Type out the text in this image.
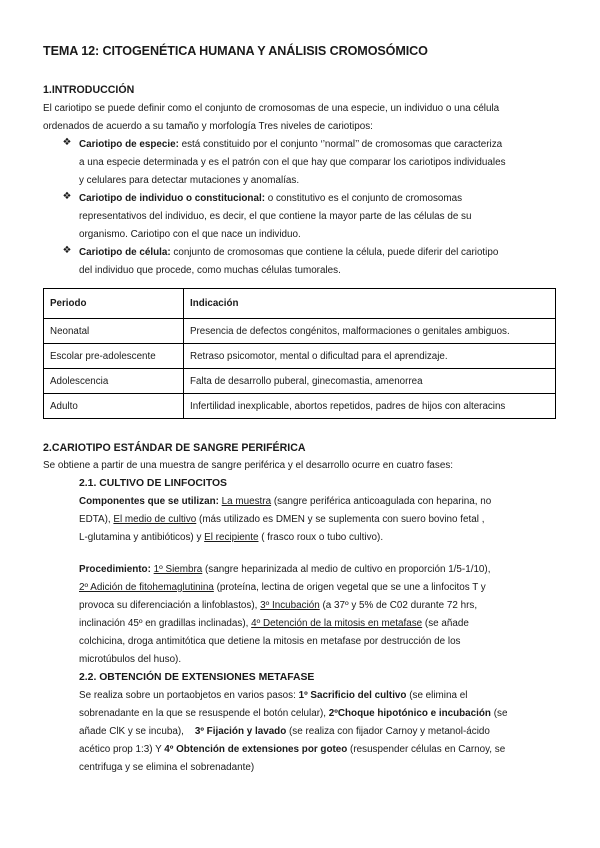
TEMA 12: CITOGENÉTICA HUMANA Y ANÁLISIS CROMOSÓMICO
1.INTRODUCCIÓN
El cariotipo se puede definir como el conjunto de cromosomas de una especie, un individuo o una célula
ordenados de acuerdo a su tamaño y morfología Tres niveles de cariotipos:
❖ Cariotipo de especie: está constituido por el conjunto ‘’normal’’ de cromosomas que caracteriza
a una especie determinada y es el patrón con el que hay que comparar los cariotipos individuales
y celulares para detectar mutaciones y anomalías.
❖ Cariotipo de individuo o constitucional: o constitutivo es el conjunto de cromosomas
representativos del individuo, es decir, el que contiene la mayor parte de las células de su
organismo. Cariotipo con el que nace un individuo.
❖ Cariotipo de célula: conjunto de cromosomas que contiene la célula, puede diferir del cariotipo
del individuo que procede, como muchas células tumorales.
Periodo	Indicación
Neonatal	Presencia de defectos congénitos, malformaciones o genitales ambiguos.
Escolar pre-adolescente	Retraso psicomotor, mental o dificultad para el aprendizaje.
Adolescencia	Falta de desarrollo puberal, ginecomastia, amenorrea
Adulto	Infertilidad inexplicable, abortos repetidos, padres de hijos con alteracins
2.CARIOTIPO ESTÁNDAR DE SANGRE PERIFÉRICA
Se obtiene a partir de una muestra de sangre periférica y el desarrollo ocurre en cuatro fases:
2.1. CULTIVO DE LINFOCITOS
Componentes que se utilizan: La muestra (sangre periférica anticoagulada con heparina, no
EDTA), El medio de cultivo (más utilizado es DMEN y se suplementa con suero bovino fetal ,
L-glutamina y antibióticos) y El recipiente ( frasco roux o tubo cultivo).
Procedimiento: 1º Siembra (sangre heparinizada al medio de cultivo en proporción 1/5-1/10),
2º Adición de fitohemaglutinina (proteína, lectina de origen vegetal que se une a linfocitos T y
provoca su diferenciación a linfoblastos), 3º Incubación (a 37º y 5% de C02 durante 72 hrs,
inclinación 45º en gradillas inclinadas), 4º Detención de la mitosis en metafase (se añade
colchicina, droga antimitótica que detiene la mitosis en metafase por destrucción de los
microtúbulos del huso).
2.2. OBTENCIÓN DE EXTENSIONES METAFASE
Se realiza sobre un portaobjetos en varios pasos: 1º Sacrificio del cultivo (se elimina el
sobrenadante en la que se resuspende el botón celular), 2ºChoque hipotónico e incubación (se
añade ClK y se incuba),    3º Fijación y lavado (se realiza con fijador Carnoy y metanol-ácido
acético prop 1:3) Y 4º Obtención de extensiones por goteo (resuspender células en Carnoy, se
centrifuga y se elimina el sobrenadante)
